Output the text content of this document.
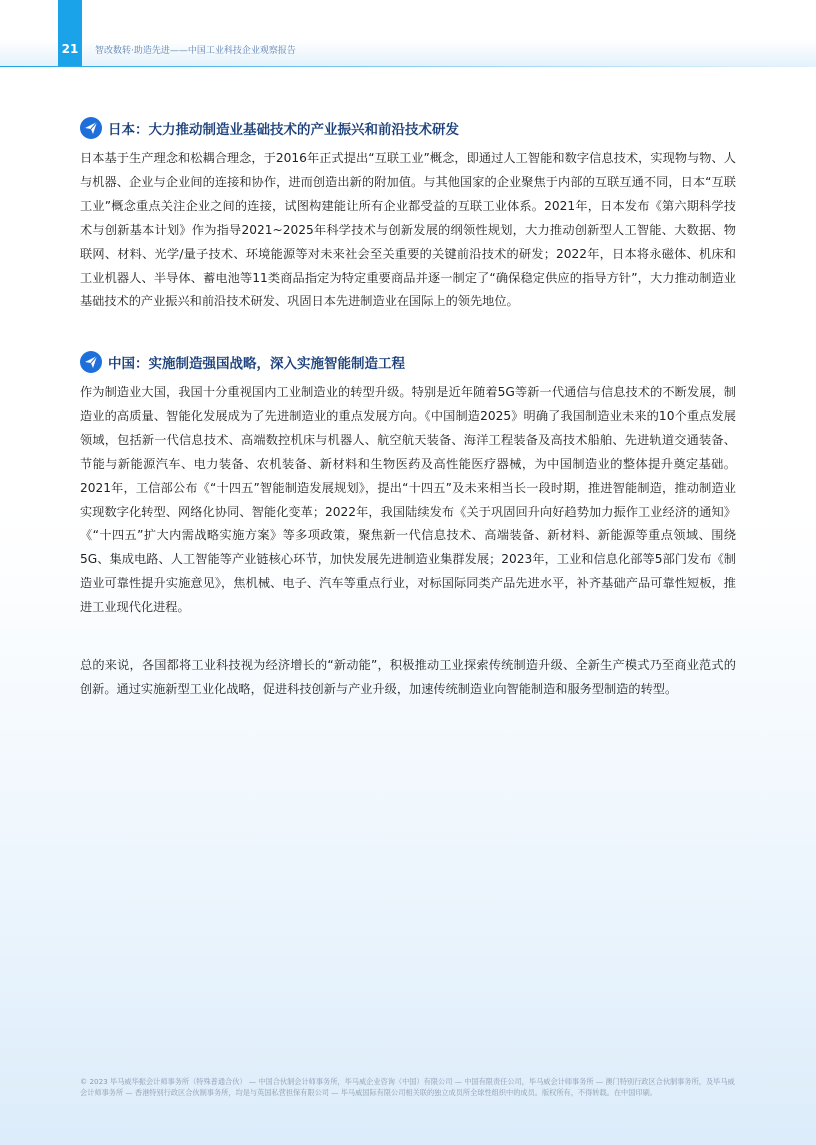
21	智改数转·助造先进——中国工业科技企业观察报告
日本：大力推动制造业基础技术的产业振兴和前沿技术研发

日本基于生产理念和松耦合理念，于2016年正式提出“互联工业”概念，即通过人工智能和数字信息技术，实现物与物、人与机器、企业与企业间的连接和协作，进而创造出新的附加值。与其他国家的企业聚焦于内部的互联互通不同，日本“互联工业”概念重点关注企业之间的连接，试图构建能让所有企业都受益的互联工业体系。2021年，日本发布《第六期科学技术与创新基本计划》作为指导2021~2025年科学技术与创新发展的纲领性规划，大力推动创新型人工智能、大数据、物联网、材料、光学/量子技术、环境能源等对未来社会至关重要的关键前沿技术的研发；2022年，日本将永磁体、机床和工业机器人、半导体、蓄电池等11类商品指定为特定重要商品并逐一制定了“确保稳定供应的指导方针”，大力推动制造业基础技术的产业振兴和前沿技术研发、巩固日本先进制造业在国际上的领先地位。

中国：实施制造强国战略，深入实施智能制造工程

作为制造业大国，我国十分重视国内工业制造业的转型升级。特别是近年随着5G等新一代通信与信息技术的不断发展，制造业的高质量、智能化发展成为了先进制造业的重点发展方向。《中国制造2025》明确了我国制造业未来的10个重点发展领域，包括新一代信息技术、高端数控机床与机器人、航空航天装备、海洋工程装备及高技术船舶、先进轨道交通装备、节能与新能源汽车、电力装备、农机装备、新材料和生物医药及高性能医疗器械，为中国制造业的整体提升奠定基础。2021年，工信部公布《“十四五”智能制造发展规划》，提出“十四五”及未来相当长一段时期，推进智能制造，推动制造业实现数字化转型、网络化协同、智能化变革；2022年，我国陆续发布《关于巩固回升向好趋势加力振作工业经济的通知》《“十四五”扩大内需战略实施方案》等多项政策，聚焦新一代信息技术、高端装备、新材料、新能源等重点领域、围绕5G、集成电路、人工智能等产业链核心环节，加快发展先进制造业集群发展；2023年，工业和信息化部等5部门发布《制造业可靠性提升实施意见》，焦机械、电子、汽车等重点行业，对标国际同类产品先进水平，补齐基础产品可靠性短板，推进工业现代化进程。

总的来说，各国都将工业科技视为经济增长的“新动能”，积极推动工业探索传统制造升级、全新生产模式乃至商业范式的创新。通过实施新型工业化战略，促进科技创新与产业升级，加速传统制造业向智能制造和服务型制造的转型。

© 2023 毕马威华振会计师事务所（特殊普通合伙） — 中国合伙制会计师事务所，毕马威企业咨询（中国）有限公司 — 中国有限责任公司，毕马威会计师事务所 — 澳门特别行政区合伙制事务所，及毕马威会计师事务所 — 香港特别行政区合伙制事务所，均是与英国私营担保有限公司 — 毕马威国际有限公司相关联的独立成员所全球性组织中的成员。版权所有，不得转载。在中国印刷。
